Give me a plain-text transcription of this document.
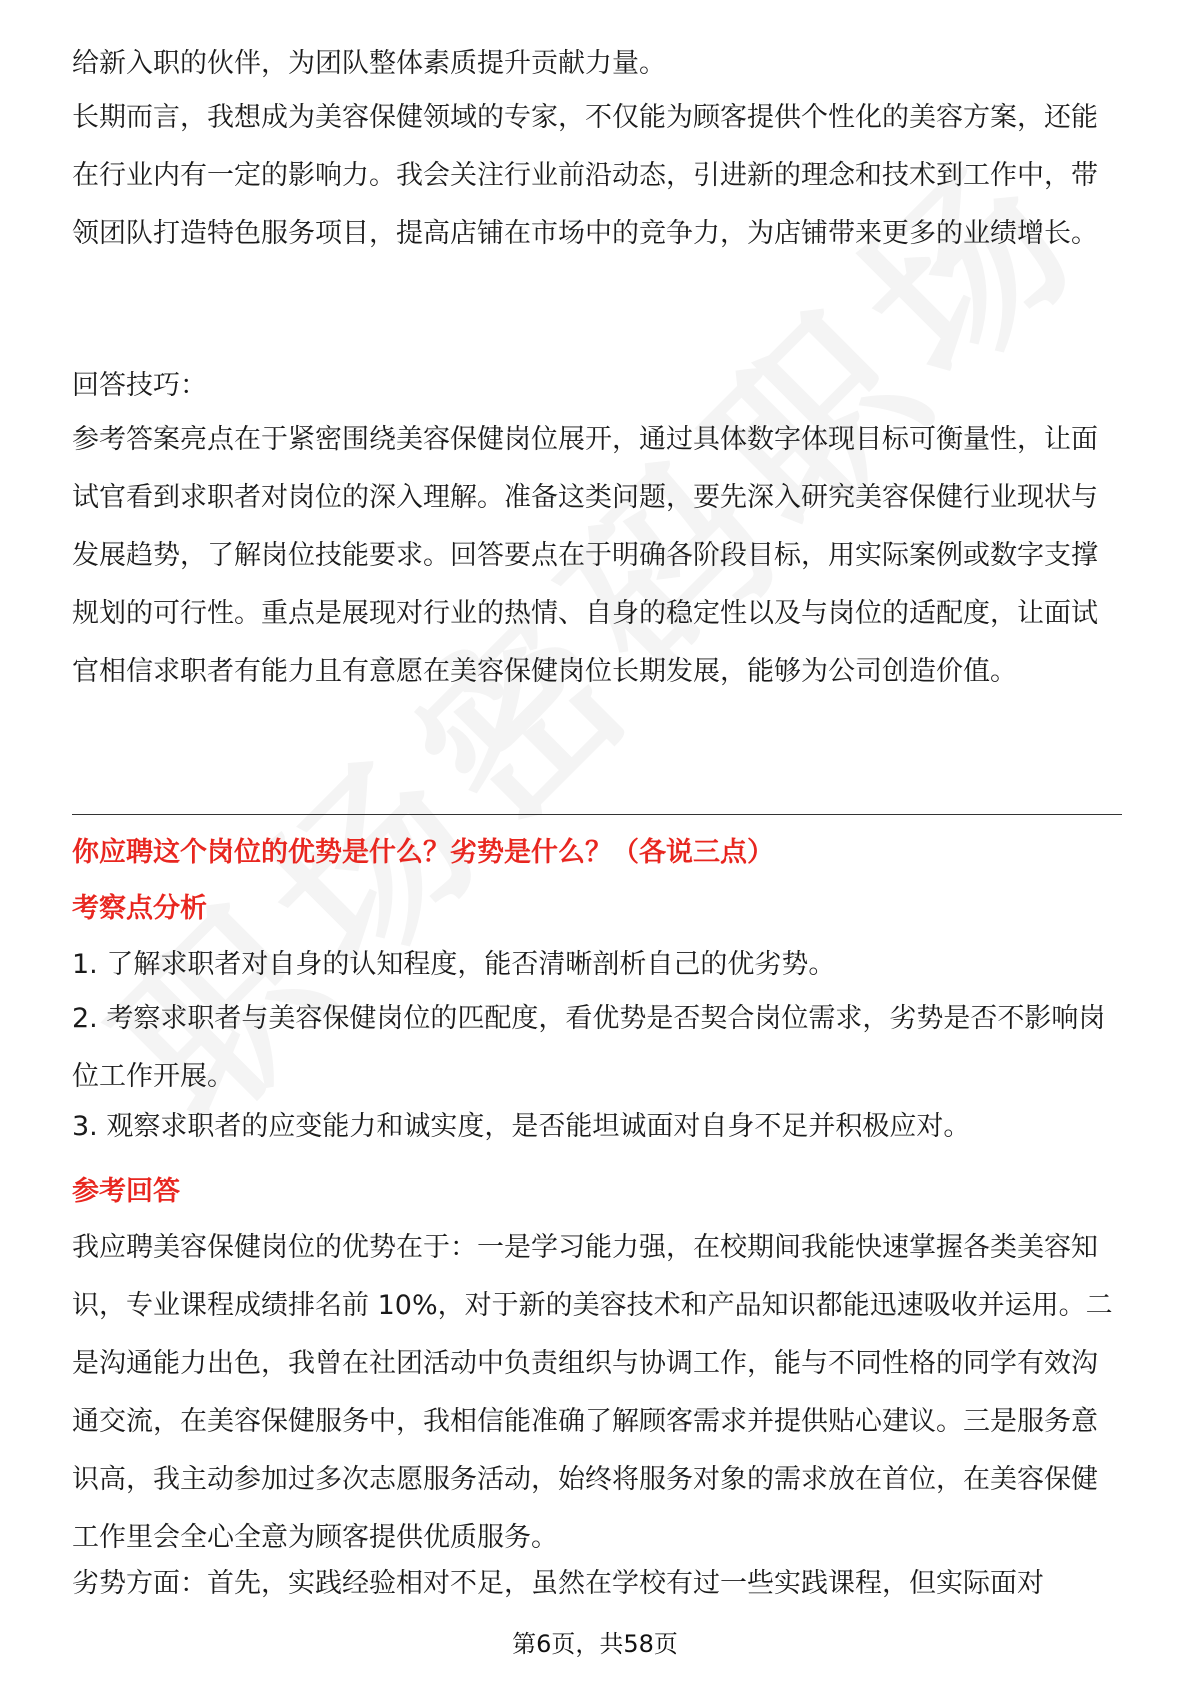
给新入职的伙伴，为团队整体素质提升贡献力量。

长期而言，我想成为美容保健领域的专家，不仅能为顾客提供个性化的美容方案，还能在行业内有一定的影响力。我会关注行业前沿动态，引进新的理念和技术到工作中，带领团队打造特色服务项目，提高店铺在市场中的竞争力，为店铺带来更多的业绩增长。

回答技巧：

参考答案亮点在于紧密围绕美容保健岗位展开，通过具体数字体现目标可衡量性，让面试官看到求职者对岗位的深入理解。准备这类问题，要先深入研究美容保健行业现状与发展趋势，了解岗位技能要求。回答要点在于明确各阶段目标，用实际案例或数字支撑规划的可行性。重点是展现对行业的热情、自身的稳定性以及与岗位的适配度，让面试官相信求职者有能力且有意愿在美容保健岗位长期发展，能够为公司创造价值。

你应聘这个岗位的优势是什么？劣势是什么？（各说三点）

考察点分析

1. 了解求职者对自身的认知程度，能否清晰剖析自己的优劣势。

2. 考察求职者与美容保健岗位的匹配度，看优势是否契合岗位需求，劣势是否不影响岗位工作开展。

3. 观察求职者的应变能力和诚实度，是否能坦诚面对自身不足并积极应对。

参考回答

我应聘美容保健岗位的优势在于：一是学习能力强，在校期间我能快速掌握各类美容知识，专业课程成绩排名前 10%，对于新的美容技术和产品知识都能迅速吸收并运用。二是沟通能力出色，我曾在社团活动中负责组织与协调工作，能与不同性格的同学有效沟通交流，在美容保健服务中，我相信能准确了解顾客需求并提供贴心建议。三是服务意识高，我主动参加过多次志愿服务活动，始终将服务对象的需求放在首位，在美容保健工作里会全心全意为顾客提供优质服务。

劣势方面：首先，实践经验相对不足，虽然在学校有过一些实践课程，但实际面对

第6页，共58页
